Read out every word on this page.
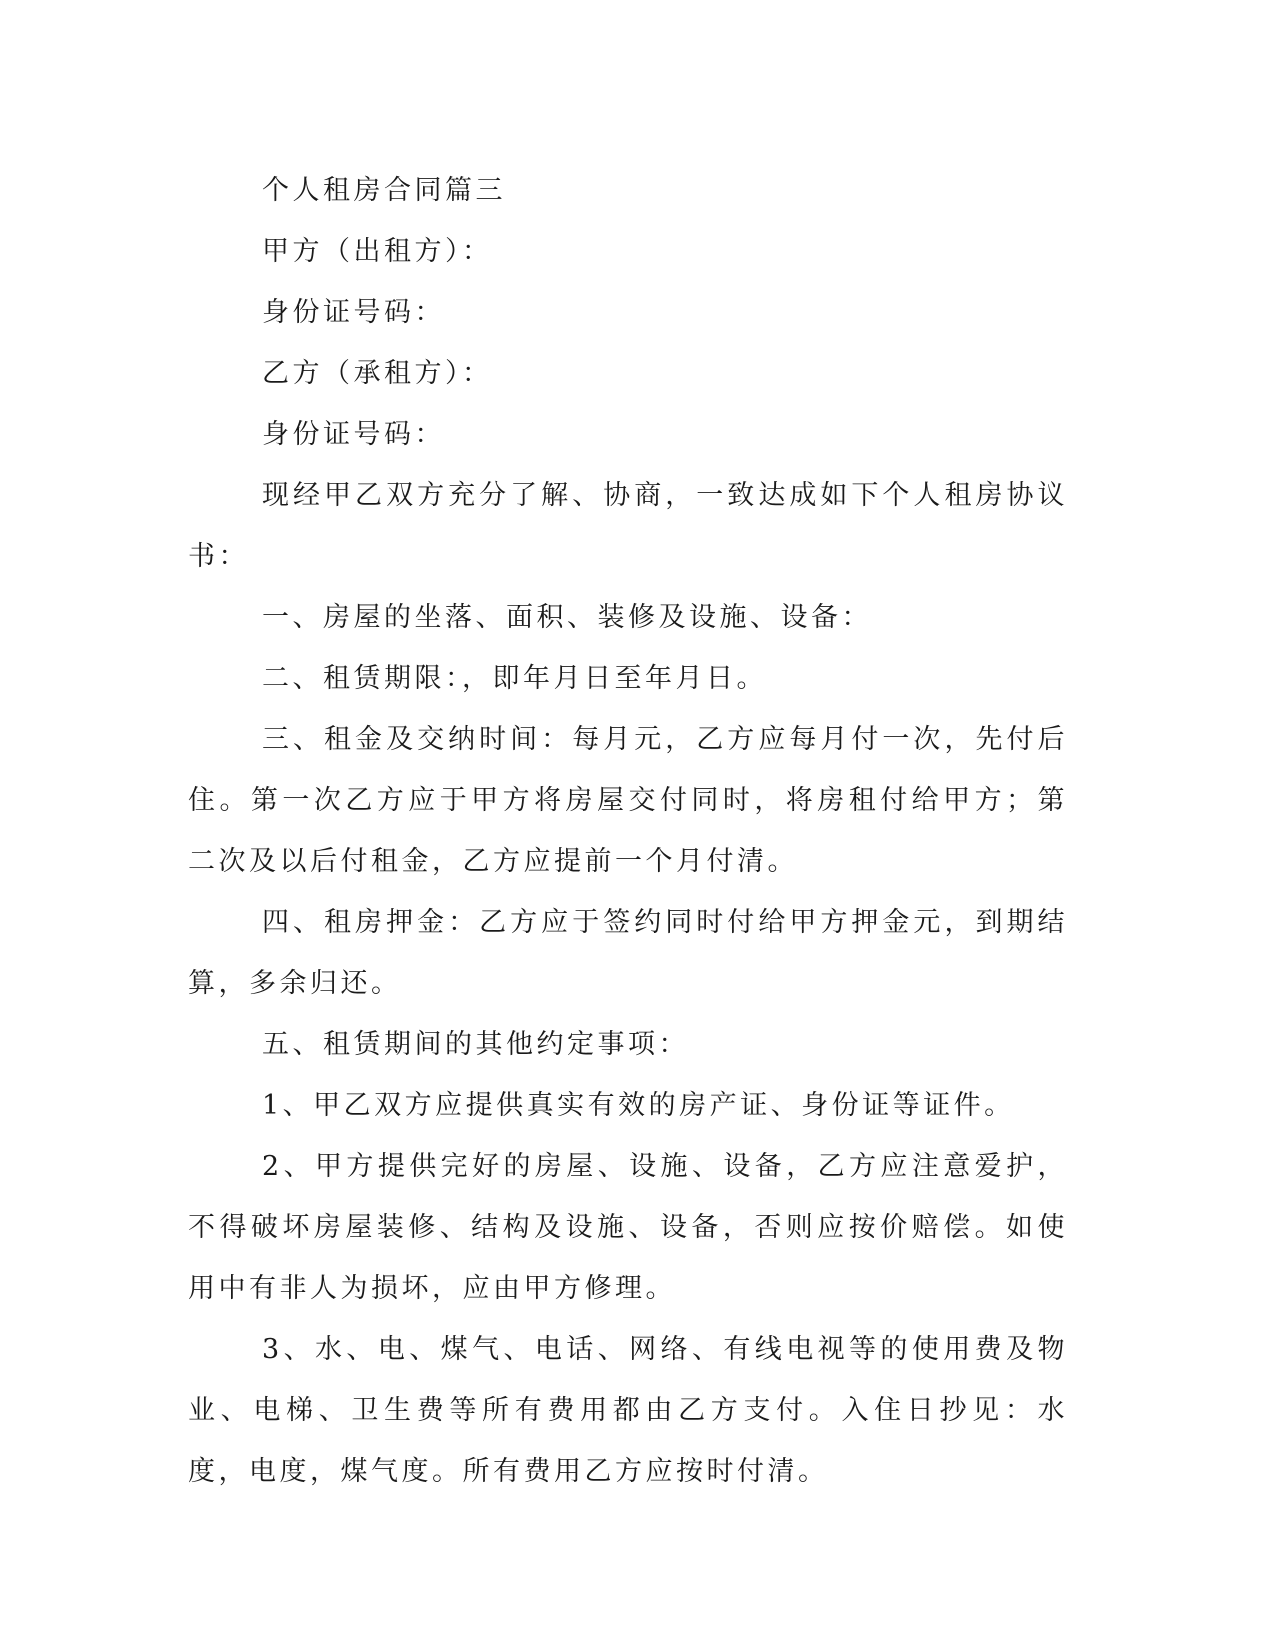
个人租房合同篇三

甲方（出租方）：

身份证号码：

乙方（承租方）：

身份证号码：

现经甲乙双方充分了解、协商，一致达成如下个人租房协议书：

一、房屋的坐落、面积、装修及设施、设备：

二、租赁期限：，即年月日至年月日。

三、租金及交纳时间：每月元，乙方应每月付一次，先付后住。第一次乙方应于甲方将房屋交付同时，将房租付给甲方；第二次及以后付租金，乙方应提前一个月付清。

四、租房押金：乙方应于签约同时付给甲方押金元，到期结算，多余归还。

五、租赁期间的其他约定事项：

1、甲乙双方应提供真实有效的房产证、身份证等证件。

2、甲方提供完好的房屋、设施、设备，乙方应注意爱护，不得破坏房屋装修、结构及设施、设备，否则应按价赔偿。如使用中有非人为损坏，应由甲方修理。

3、水、电、煤气、电话、网络、有线电视等的使用费及物业、电梯、卫生费等所有费用都由乙方支付。入住日抄见：水度，电度，煤气度。所有费用乙方应按时付清。
